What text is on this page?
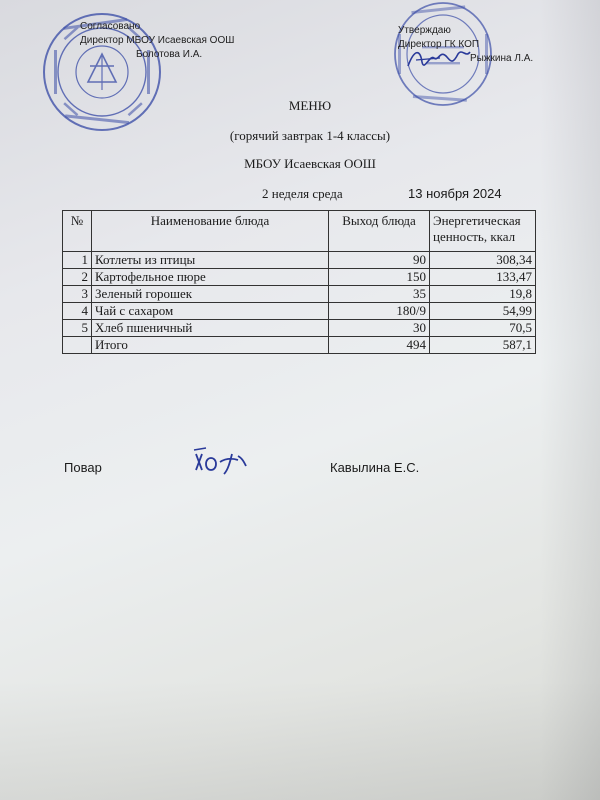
Согласовано
Директор МБОУ Исаевская ООШ
Болотова И.А.
Утверждаю
Директор ГК КОП
Рыжкина Л.А.
МЕНЮ
(горячий завтрак 1-4 классы)
МБОУ Исаевская ООШ
2 неделя среда	13 ноября 2024
№	Наименование блюда	Выход блюда	Энергетическая ценность, ккал
1	Котлеты из птицы	90	308,34
2	Картофельное пюре	150	133,47
3	Зеленый горошек	35	19,8
4	Чай с сахаром	180/9	54,99
5	Хлеб пшеничный	30	70,5
	Итого	494	587,1
Повар	Кавылина Е.С.
